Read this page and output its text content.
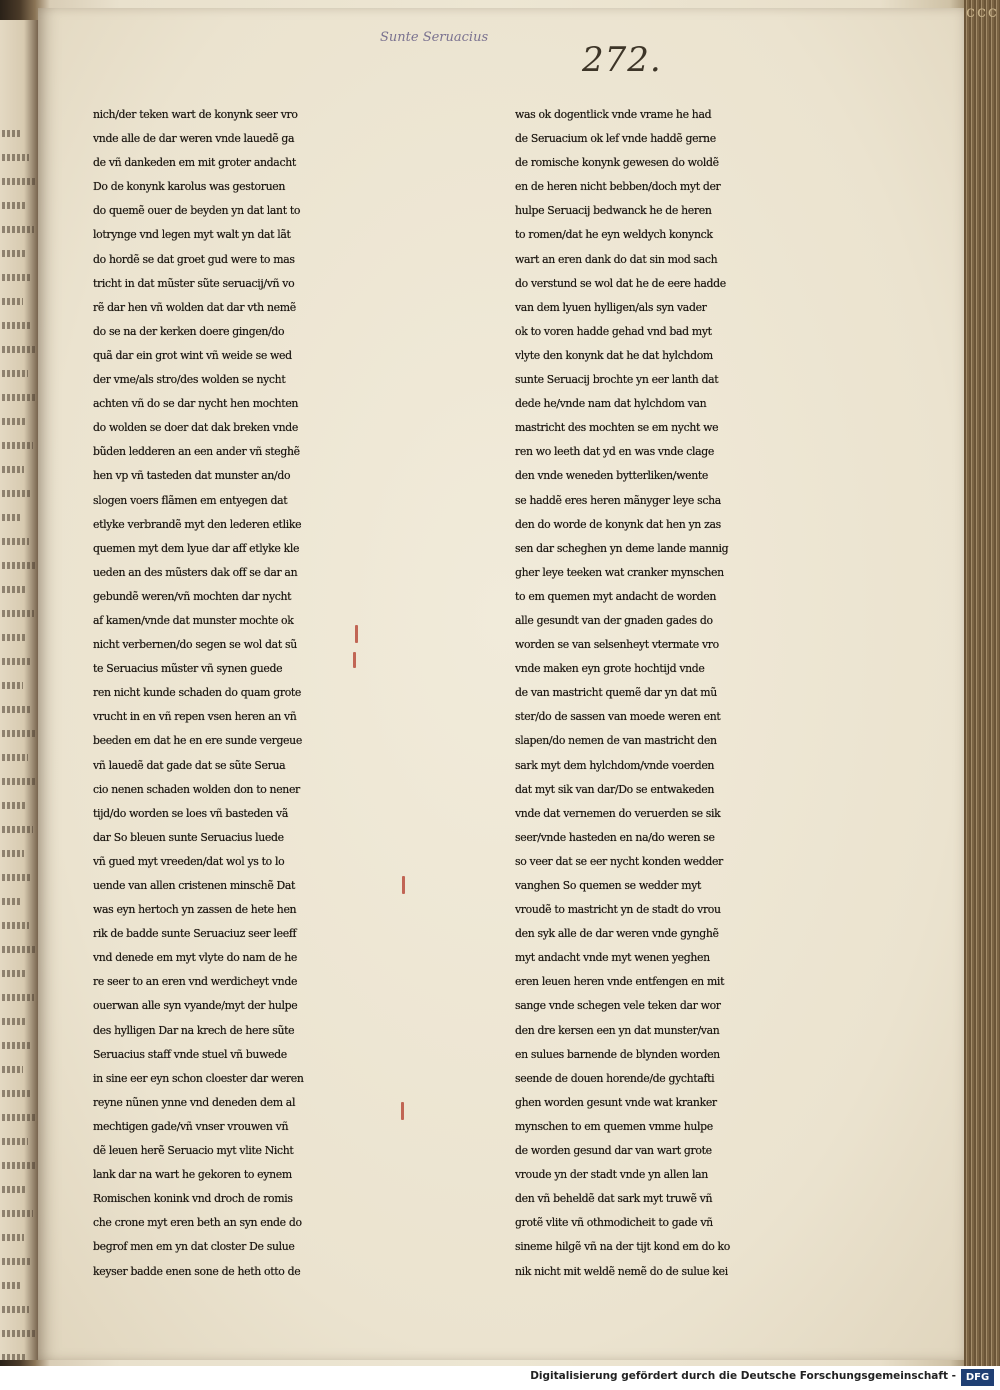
ccc
Sunte Seruacius
272.
nich/der teken wart de konynk seer vro
vnde alle de dar weren vnde lauedẽ ga
de vñ dankeden em mit groter andacht
Do de konynk karolus was gestoruen
do quemẽ ouer de beyden yn dat lant to
lotrynge vnd legen myt walt yn dat lãt
do hordẽ se dat groet gud were to mas
tricht in dat mũster sũte seruacij/vñ vo
rẽ dar hen vñ wolden dat dar vth nemẽ
do se na der kerken doere gingen/do
quã dar ein grot wint vñ weide se wed
der vme/als stro/des wolden se nycht
achten vñ do se dar nycht hen mochten
do wolden se doer dat dak breken vnde
bũden ledderen an een ander vñ steghẽ
hen vp vñ tasteden dat munster an/do
slogen voers flãmen em entyegen dat
etlyke verbrandẽ myt den lederen etlike
quemen myt dem lyue dar aff etlyke kle
ueden an des mũsters dak off se dar an
gebundẽ weren/vñ mochten dar nycht
af kamen/vnde dat munster mochte ok
nicht verbernen/do segen se wol dat sũ
te Seruacius mũster vñ synen guede
ren nicht kunde schaden do quam grote
vrucht in en vñ repen vsen heren an vñ
beeden em dat he en ere sunde vergeue
vñ lauedẽ dat gade dat se sũte Serua
cio nenen schaden wolden don to nener
tijd/do worden se loes vñ basteden vã
dar So bleuen sunte Seruacius luede
vñ gued myt vreeden/dat wol ys to lo
uende van allen cristenen minschẽ Dat
was eyn hertoch yn zassen de hete hen
rik de badde sunte Seruaciuz seer leeff
vnd denede em myt vlyte do nam de he
re seer to an eren vnd werdicheyt vnde
ouerwan alle syn vyande/myt der hulpe
des hylligen Dar na krech de here sũte
Seruacius staff vnde stuel vñ buwede
in sine eer eyn schon cloester dar weren
reyne nũnen ynne vnd deneden dem al
mechtigen gade/vñ vnser vrouwen vñ
dẽ leuen herẽ Seruacio myt vlite Nicht
lank dar na wart he gekoren to eynem
Romischen konink vnd droch de romis
che crone myt eren beth an syn ende do
begrof men em yn dat closter De sulue
keyser badde enen sone de heth otto de
was ok dogentlick vnde vrame he had
de Seruacium ok lef vnde haddẽ gerne
de romische konynk gewesen do woldẽ
en de heren nicht bebben/doch myt der
hulpe Seruacij bedwanck he de heren
to romen/dat he eyn weldych konynck
wart an eren dank do dat sin mod sach
do verstund se wol dat he de eere hadde
van dem lyuen hylligen/als syn vader
ok to voren hadde gehad vnd bad myt
vlyte den konynk dat he dat hylchdom
sunte Seruacij brochte yn eer lanth dat
dede he/vnde nam dat hylchdom van
mastricht des mochten se em nycht we
ren wo leeth dat yd en was vnde clage
den vnde weneden bytterliken/wente
se haddẽ eres heren mãnyger leye scha
den do worde de konynk dat hen yn zas
sen dar scheghen yn deme lande mannig
gher leye teeken wat cranker mynschen
to em quemen myt andacht de worden
alle gesundt van der gnaden gades do
worden se van selsenheyt vtermate vro
vnde maken eyn grote hochtijd vnde
de van mastricht quemẽ dar yn dat mũ
ster/do de sassen van moede weren ent
slapen/do nemen de van mastricht den
sark myt dem hylchdom/vnde voerden
dat myt sik van dar/Do se entwakeden
vnde dat vernemen do veruerden se sik
seer/vnde hasteden en na/do weren se
so veer dat se eer nycht konden wedder
vanghen So quemen se wedder myt
vroudẽ to mastricht yn de stadt do vrou
den syk alle de dar weren vnde gynghẽ
myt andacht vnde myt wenen yeghen
eren leuen heren vnde entfengen en mit
sange vnde schegen vele teken dar wor
den dre kersen een yn dat munster/van
en sulues barnende de blynden worden
seende de douen horende/de gychtafti
ghen worden gesunt vnde wat kranker
mynschen to em quemen vmme hulpe
de worden gesund dar van wart grote
vroude yn der stadt vnde yn allen lan
den vñ beheldẽ dat sark myt truwẽ vñ
grotẽ vlite vñ othmodicheit to gade vñ
sineme hilgẽ vñ na der tijt kond em do ko
nik nicht mit weldẽ nemẽ do de sulue kei
Digitalisierung gefördert durch die Deutsche Forschungsgemeinschaft - DFG
